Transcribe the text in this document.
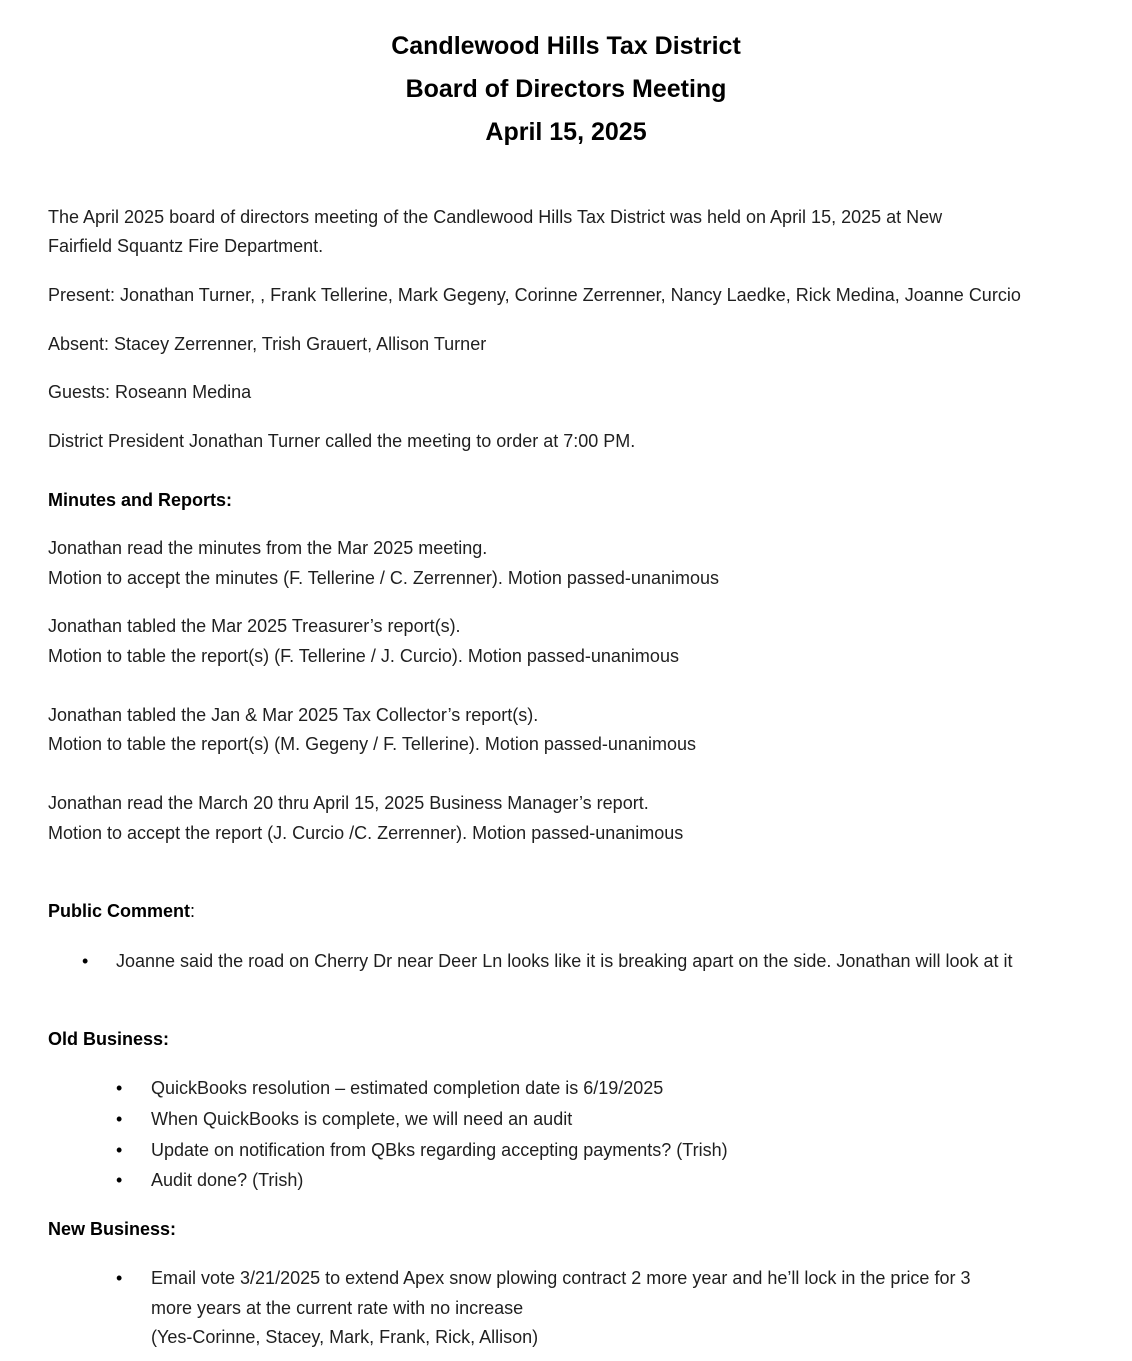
Candlewood Hills Tax District
Board of Directors Meeting
April 15, 2025
The April 2025 board of directors meeting of the Candlewood Hills Tax District was held on April 15, 2025 at New
Fairfield Squantz Fire Department.
Present: Jonathan Turner, , Frank Tellerine, Mark Gegeny, Corinne Zerrenner, Nancy Laedke, Rick Medina, Joanne Curcio
Absent: Stacey Zerrenner, Trish Grauert, Allison Turner
Guests: Roseann Medina
District President Jonathan Turner called the meeting to order at 7:00 PM.
Minutes and Reports:
Jonathan read the minutes from the Mar 2025 meeting.
Motion to accept the minutes (F. Tellerine / C. Zerrenner). Motion passed-unanimous
Jonathan tabled the Mar 2025 Treasurer’s report(s).
Motion to table the report(s) (F. Tellerine / J. Curcio). Motion passed-unanimous
Jonathan tabled the Jan & Mar 2025 Tax Collector’s report(s).
Motion to table the report(s) (M. Gegeny / F. Tellerine). Motion passed-unanimous
Jonathan read the March 20 thru April 15, 2025 Business Manager’s report.
Motion to accept the report (J. Curcio /C. Zerrenner). Motion passed-unanimous
Public Comment:
• Joanne said the road on Cherry Dr near Deer Ln looks like it is breaking apart on the side. Jonathan will look at it
Old Business:
• QuickBooks resolution – estimated completion date is 6/19/2025
• When QuickBooks is complete, we will need an audit
• Update on notification from QBks regarding accepting payments? (Trish)
• Audit done? (Trish)
New Business:
• Email vote 3/21/2025 to extend Apex snow plowing contract 2 more year and he’ll lock in the price for 3
more years at the current rate with no increase
(Yes-Corinne, Stacey, Mark, Frank, Rick, Allison)
